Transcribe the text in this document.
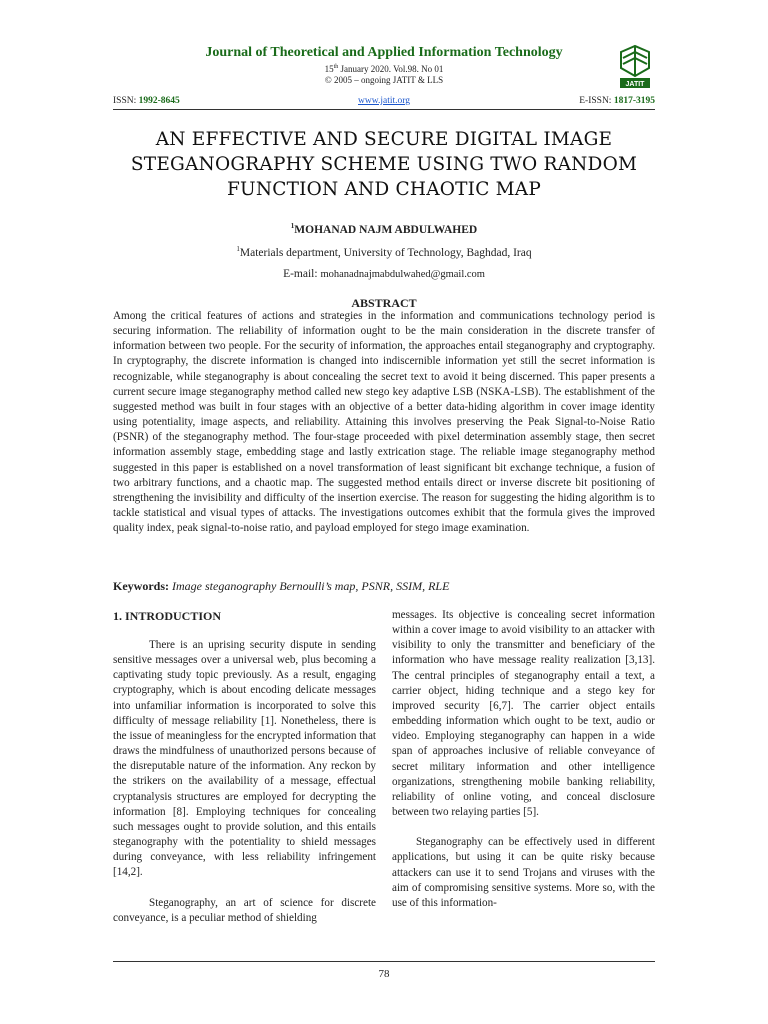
Journal of Theoretical and Applied Information Technology
15th January 2020. Vol.98. No 01
© 2005 – ongoing JATIT & LLS	JATIT
ISSN: 1992-8645	www.jatit.org	E-ISSN: 1817-3195
AN EFFECTIVE AND SECURE DIGITAL IMAGE
STEGANOGRAPHY SCHEME USING TWO RANDOM
FUNCTION AND CHAOTIC MAP
$^1$MOHANAD NAJM ABDULWAHED
$^1$Materials department, University of Technology, Baghdad, Iraq
E-mail: mohanadnajmabdulwahed@gmail.com
ABSTRACT
Among the critical features of actions and strategies in the information and communications technology period is securing information. The reliability of information ought to be the main consideration in the discrete transfer of information between two people. For the security of information, the approaches entail steganography and cryptography. In cryptography, the discrete information is changed into indiscernible information yet still the secret information is recognizable, while steganography is about concealing the secret text to avoid it being discerned. This paper presents a current secure image steganography method called new stego key adaptive LSB (NSKA-LSB). The establishment of the suggested method was built in four stages with an objective of a better data-hiding algorithm in cover image identity using potentiality, image aspects, and reliability. Attaining this involves preserving the Peak Signal-to-Noise Ratio (PSNR) of the steganography method. The four-stage proceeded with pixel determination assembly stage, then secret information assembly stage, embedding stage and lastly extrication stage. The reliable image steganography method suggested in this paper is established on a novel transformation of least significant bit exchange technique, a fusion of two arbitrary functions, and a chaotic map. The suggested method entails direct or inverse discrete bit positioning of strengthening the invisibility and difficulty of the insertion exercise. The reason for suggesting the hiding algorithm is to tackle statistical and visual types of attacks. The investigations outcomes exhibit that the formula gives the improved quality index, peak signal-to-noise ratio, and payload employed for stego image examination.
Keywords: Image steganography Bernoulli’s map, PSNR, SSIM, RLE
1. INTRODUCTION

There is an uprising security dispute in sending sensitive messages over a universal web, plus becoming a captivating study topic previously. As a result, engaging cryptography, which is about encoding delicate messages into unfamiliar information is incorporated to solve this difficulty of message reliability [1]. Nonetheless, there is the issue of meaningless for the encrypted information that draws the mindfulness of unauthorized persons because of the disreputable nature of the information. Any reckon by the strikers on the availability of a message, effectual cryptanalysis structures are employed for decrypting the information [8]. Employing techniques for concealing such messages ought to provide solution, and this entails steganography with the potentiality to shield messages during conveyance, with less reliability infringement [14,2].

Steganography, an art of science for discrete conveyance, is a peculiar method of shielding

messages. Its objective is concealing secret information within a cover image to avoid visibility to an attacker with visibility to only the transmitter and beneficiary of the information who have message reality realization [3,13]. The central principles of steganography entail a text, a carrier object, hiding technique and a stego key for improved security [6,7]. The carrier object entails embedding information which ought to be text, audio or video. Employing steganography can happen in a wide span of approaches inclusive of reliable conveyance of secret military information and other intelligence organizations, strengthening mobile banking reliability, reliability of online voting, and conceal disclosure between two relaying parties [5].

Steganography can be effectively used in different applications, but using it can be quite risky because attackers can use it to send Trojans and viruses with the aim of compromising sensitive systems. More so, with the use of this information-

78
